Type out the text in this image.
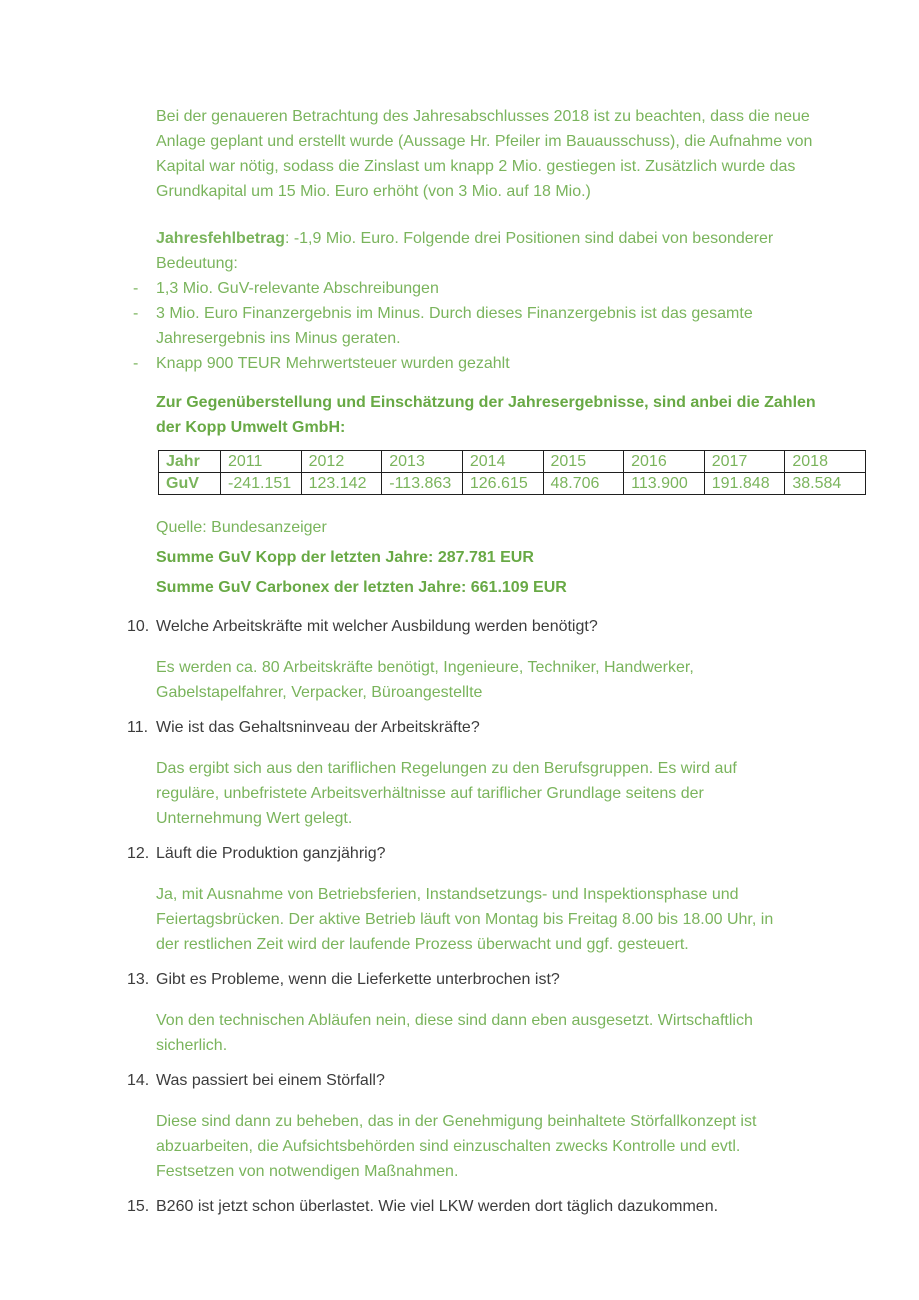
Bei der genaueren Betrachtung des Jahresabschlusses 2018 ist zu beachten, dass die neue
Anlage geplant und erstellt wurde (Aussage Hr. Pfeiler im Bauausschuss), die Aufnahme von
Kapital war nötig, sodass die Zinslast um knapp 2 Mio. gestiegen ist. Zusätzlich wurde das
Grundkapital um 15 Mio. Euro erhöht (von 3 Mio. auf 18 Mio.)

Jahresfehlbetrag: -1,9 Mio. Euro. Folgende drei Positionen sind dabei von besonderer
Bedeutung:

-	1,3 Mio. GuV-relevante Abschreibungen
-	3 Mio. Euro Finanzergebnis im Minus. Durch dieses Finanzergebnis ist das gesamte
Jahresergebnis ins Minus geraten.
-	Knapp 900 TEUR Mehrwertsteuer wurden gezahlt

Zur Gegenüberstellung und Einschätzung der Jahresergebnisse, sind anbei die Zahlen
der Kopp Umwelt GmbH:

Jahr	2011	2012	2013	2014	2015	2016	2017	2018
GuV	-241.151	123.142	-113.863	126.615	48.706	113.900	191.848	38.584

Quelle: Bundesanzeiger

Summe GuV Kopp der letzten Jahre: 287.781 EUR

Summe GuV Carbonex der letzten Jahre: 661.109 EUR

10. Welche Arbeitskräfte mit welcher Ausbildung werden benötigt?

Es werden ca. 80 Arbeitskräfte benötigt, Ingenieure, Techniker, Handwerker,
Gabelstapelfahrer, Verpacker, Büroangestellte

11. Wie ist das Gehaltsninveau der Arbeitskräfte?

Das ergibt sich aus den tariflichen Regelungen zu den Berufsgruppen. Es wird auf
reguläre, unbefristete Arbeitsverhältnisse auf tariflicher Grundlage seitens der
Unternehmung Wert gelegt.

12. Läuft die Produktion ganzjährig?

Ja, mit Ausnahme von Betriebsferien, Instandsetzungs- und Inspektionsphase und
Feiertagsbrücken. Der aktive Betrieb läuft von Montag bis Freitag 8.00 bis 18.00 Uhr, in
der restlichen Zeit wird der laufende Prozess überwacht und ggf. gesteuert.

13. Gibt es Probleme, wenn die Lieferkette unterbrochen ist?

Von den technischen Abläufen nein, diese sind dann eben ausgesetzt. Wirtschaftlich
sicherlich.

14. Was passiert bei einem Störfall?

Diese sind dann zu beheben, das in der Genehmigung beinhaltete Störfallkonzept ist
abzuarbeiten, die Aufsichtsbehörden sind einzuschalten zwecks Kontrolle und evtl.
Festsetzen von notwendigen Maßnahmen.

15. B260 ist jetzt schon überlastet. Wie viel LKW werden dort täglich dazukommen.
